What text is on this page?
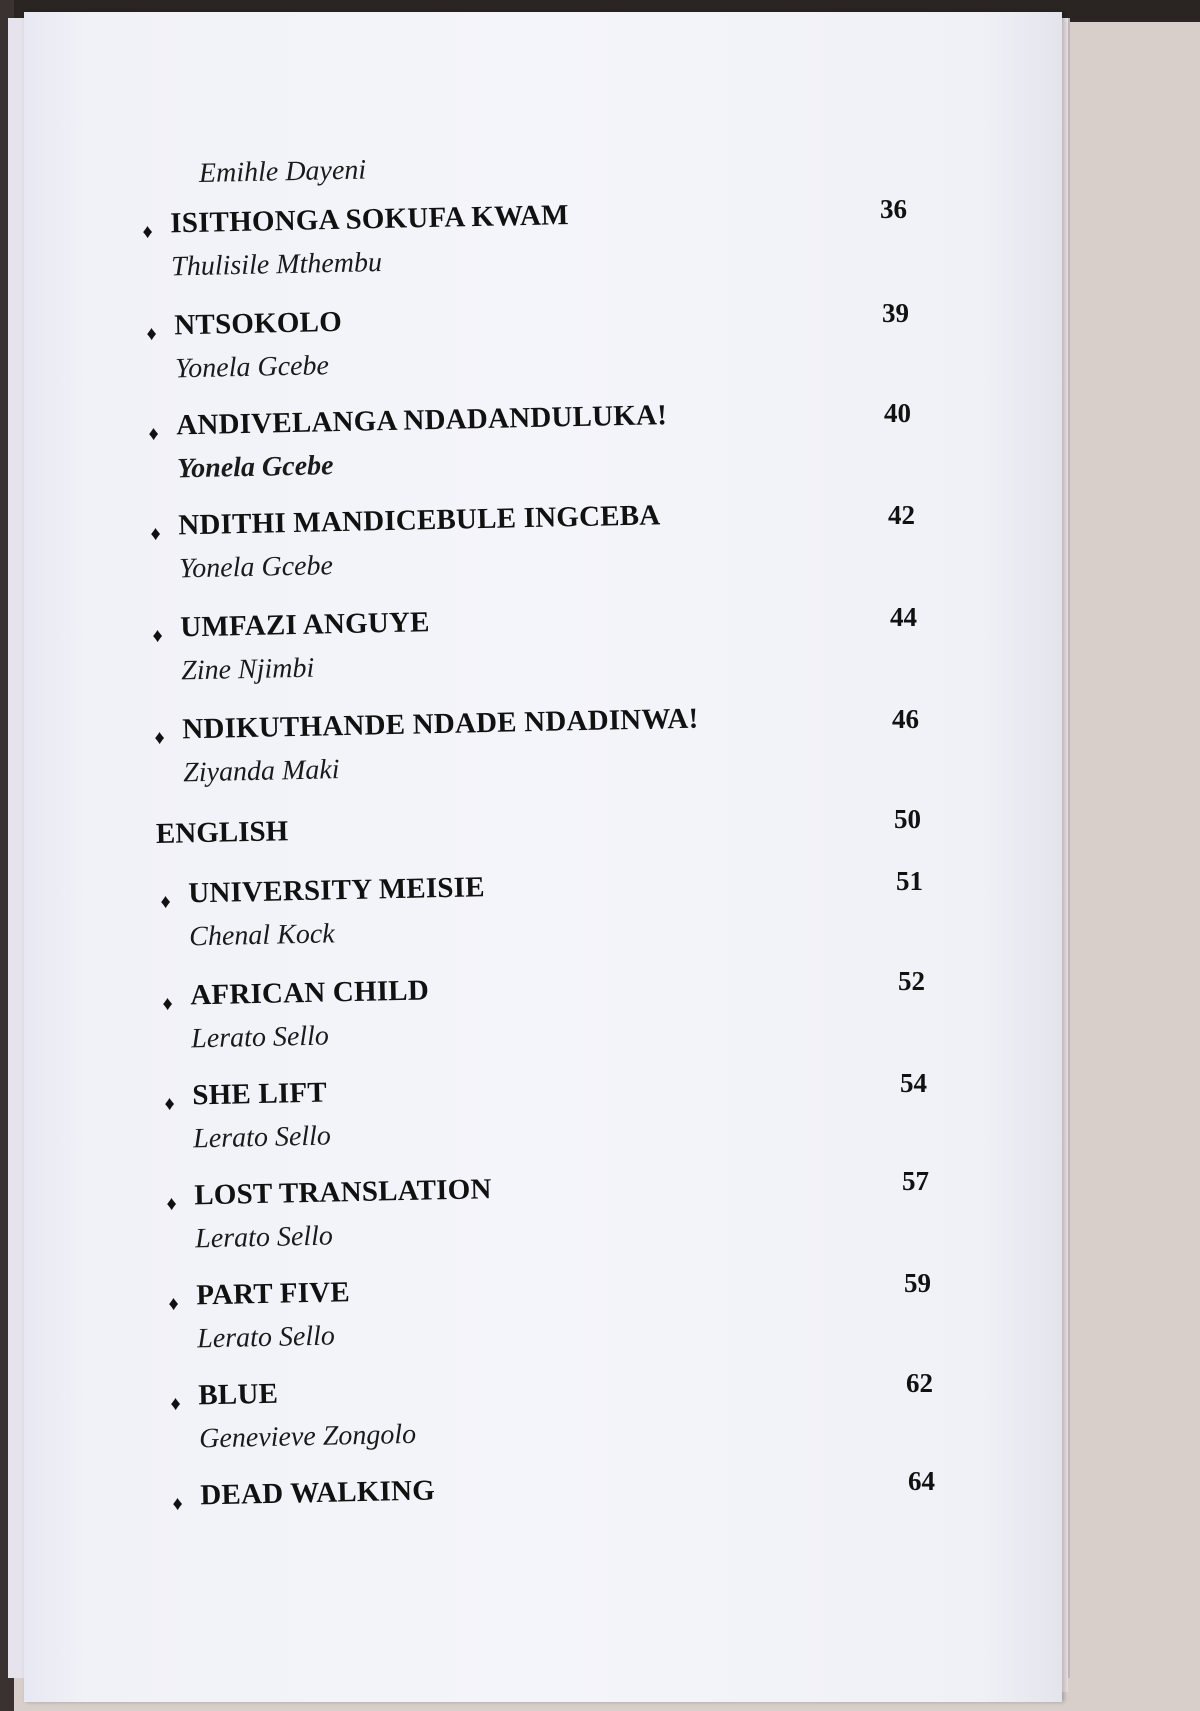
Emihle Dayeni
♦ ISITHONGA SOKUFA KWAM
Thulisile Mthembu
36
♦ NTSOKOLO
Yonela Gcebe
39
♦ ANDIVELANGA NDADANDULUKA!
Yonela Gcebe
40
♦ NDITHI MANDICEBULE INGCEBA
Yonela Gcebe
42
♦ UMFAZI ANGUYE
Zine Njimbi
44
♦ NDIKUTHANDE NDADE NDADINWA!
Ziyanda Maki
46
ENGLISH	50
♦ UNIVERSITY MEISIE
Chenal Kock
51
♦ AFRICAN CHILD
Lerato Sello
52
♦ SHE LIFT
Lerato Sello
54
♦ LOST TRANSLATION
Lerato Sello
57
♦ PART FIVE
Lerato Sello
59
♦ BLUE
Genevieve Zongolo
62
♦ DEAD WALKING	64
